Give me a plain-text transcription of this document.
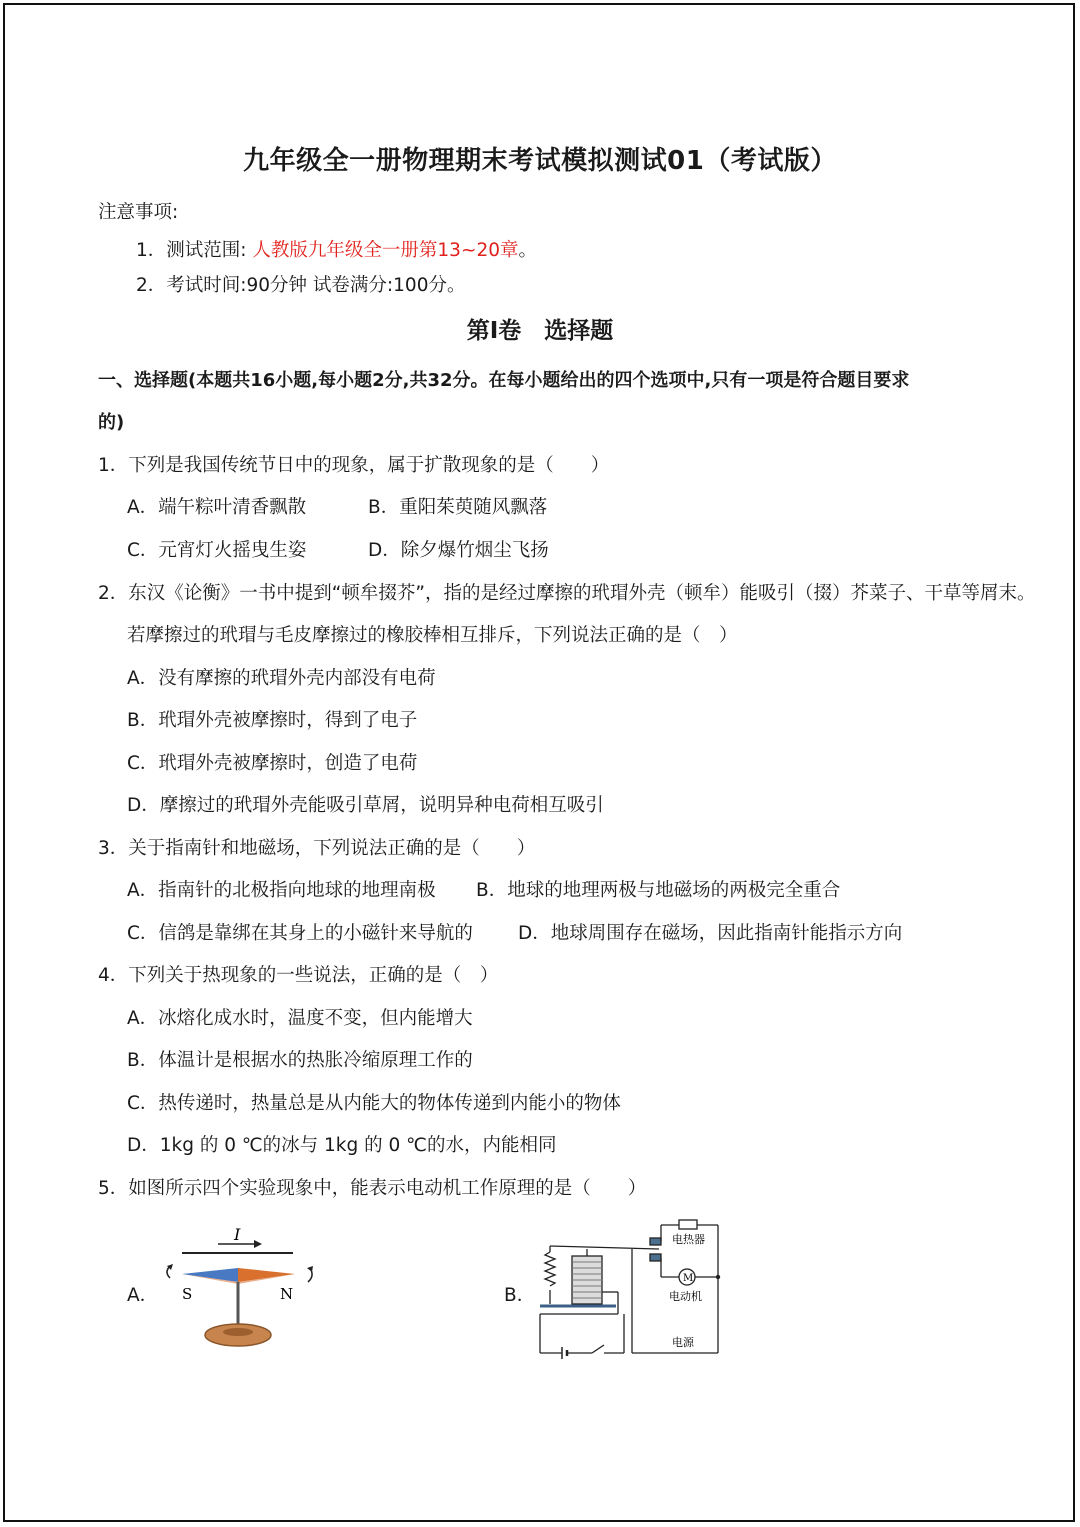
九年级全一册物理期末考试模拟测试01（考试版）
注意事项:
1．测试范围: 人教版九年级全一册第13~20章。
2．考试时间:90分钟 试卷满分:100分。
第Ⅰ卷　选择题
一、选择题(本题共16小题,每小题2分,共32分。在每小题给出的四个选项中,只有一项是符合题目要求
的)
1．下列是我国传统节日中的现象，属于扩散现象的是（　　）
A．端午粽叶清香飘散	B．重阳茱萸随风飘落
C．元宵灯火摇曳生姿	D．除夕爆竹烟尘飞扬
2．东汉《论衡》一书中提到“顿牟掇芥”，指的是经过摩擦的玳瑁外壳（顿牟）能吸引（掇）芥菜子、干草等屑末。
若摩擦过的玳瑁与毛皮摩擦过的橡胶棒相互排斥，下列说法正确的是（　）
A．没有摩擦的玳瑁外壳内部没有电荷
B．玳瑁外壳被摩擦时，得到了电子
C．玳瑁外壳被摩擦时，创造了电荷
D．摩擦过的玳瑁外壳能吸引草屑，说明异种电荷相互吸引
3．关于指南针和地磁场，下列说法正确的是（　　）
A．指南针的北极指向地球的地理南极 B．地球的地理两极与地磁场的两极完全重合
C．信鸽是靠绑在其身上的小磁针来导航的 D．地球周围存在磁场，因此指南针能指示方向
4．下列关于热现象的一些说法，正确的是（　）
A．冰熔化成水时，温度不变，但内能增大
B．体温计是根据水的热胀冷缩原理工作的
C．热传递时，热量总是从内能大的物体传递到内能小的物体
D．1kg 的 0 ℃的冰与 1kg 的 0 ℃的水，内能相同
5．如图所示四个实验现象中，能表示电动机工作原理的是（　　）
A．	B．
I
S	N
M
电热器
电动机
电源
